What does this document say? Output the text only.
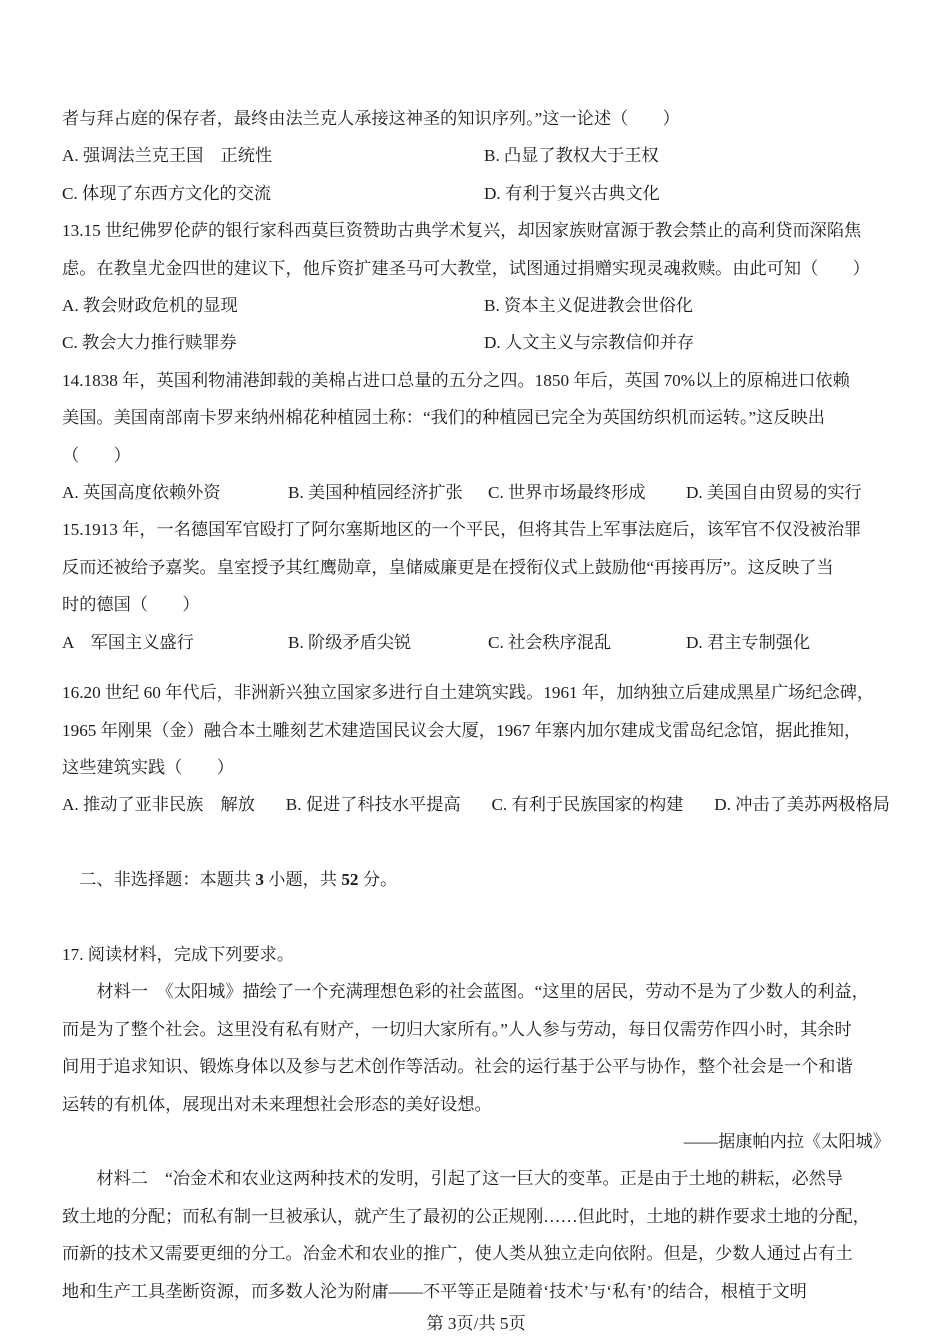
者与拜占庭的保存者，最终由法兰克人承接这神圣的知识序列。”这一论述（　　）
A. 强调法兰克王国　正统性	B. 凸显了教权大于王权
C. 体现了东西方文化的交流	D. 有利于复兴古典文化
13.15 世纪佛罗伦萨的银行家科西莫巨资赞助古典学术复兴，却因家族财富源于教会禁止的高利贷而深陷焦
虑。在教皇尤金四世的建议下，他斥资扩建圣马可大教堂，试图通过捐赠实现灵魂救赎。由此可知（　　）
A. 教会财政危机的显现	B. 资本主义促进教会世俗化
C. 教会大力推行赎罪券	D. 人文主义与宗教信仰并存
14.1838 年，英国利物浦港卸载的美棉占进口总量的五分之四。1850 年后，英国 70%以上的原棉进口依赖
美国。美国南部南卡罗来纳州棉花种植园土称：“我们的种植园已完全为英国纺织机而运转。”这反映出
（　　）
A. 英国高度依赖外资	B. 美国种植园经济扩张	C. 世界市场最终形成	D. 美国自由贸易的实行
15.1913 年，一名德国军官殴打了阿尔塞斯地区的一个平民，但将其告上军事法庭后，该军官不仅没被治罪
反而还被给予嘉奖。皇室授予其红鹰勋章，皇储威廉更是在授衔仪式上鼓励他“再接再厉”。这反映了当
时的德国（　　）
A　军国主义盛行	B. 阶级矛盾尖锐	C. 社会秩序混乱	D. 君主专制强化
16.20 世纪 60 年代后，非洲新兴独立国家多进行自土建筑实践。1961 年，加纳独立后建成黑星广场纪念碑，
1965 年刚果（金）融合本土雕刻艺术建造国民议会大厦，1967 年寨内加尔建成戈雷岛纪念馆，据此推知，
这些建筑实践（　　）
A. 推动了亚非民族　解放 B. 促进了科技水平提高 C. 有利于民族国家的构建 D. 冲击了美苏两极格局

二、非选择题：本题共 3 小题，共 52 分。

17. 阅读材料，完成下列要求。
材料一　《太阳城》描绘了一个充满理想色彩的社会蓝图。“这里的居民，劳动不是为了少数人的利益，
而是为了整个社会。这里没有私有财产，一切归大家所有。”人人参与劳动，每日仅需劳作四小时，其余时
间用于追求知识、锻炼身体以及参与艺术创作等活动。社会的运行基于公平与协作，整个社会是一个和谐
运转的有机体，展现出对未来理想社会形态的美好设想。
——据康帕内拉《太阳城》
材料二　“冶金术和农业这两种技术的发明，引起了这一巨大的变革。正是由于土地的耕耘，必然导
致土地的分配；而私有制一旦被承认，就产生了最初的公正规刚……但此时，土地的耕作要求土地的分配，
而新的技术又需要更细的分工。冶金术和农业的推广，使人类从独立走向依附。但是，少数人通过占有土
地和生产工具垄断资源，而多数人沦为附庸——不平等正是随着‘技术’与‘私有’的结合，根植于文明
第 3页/共 5页
